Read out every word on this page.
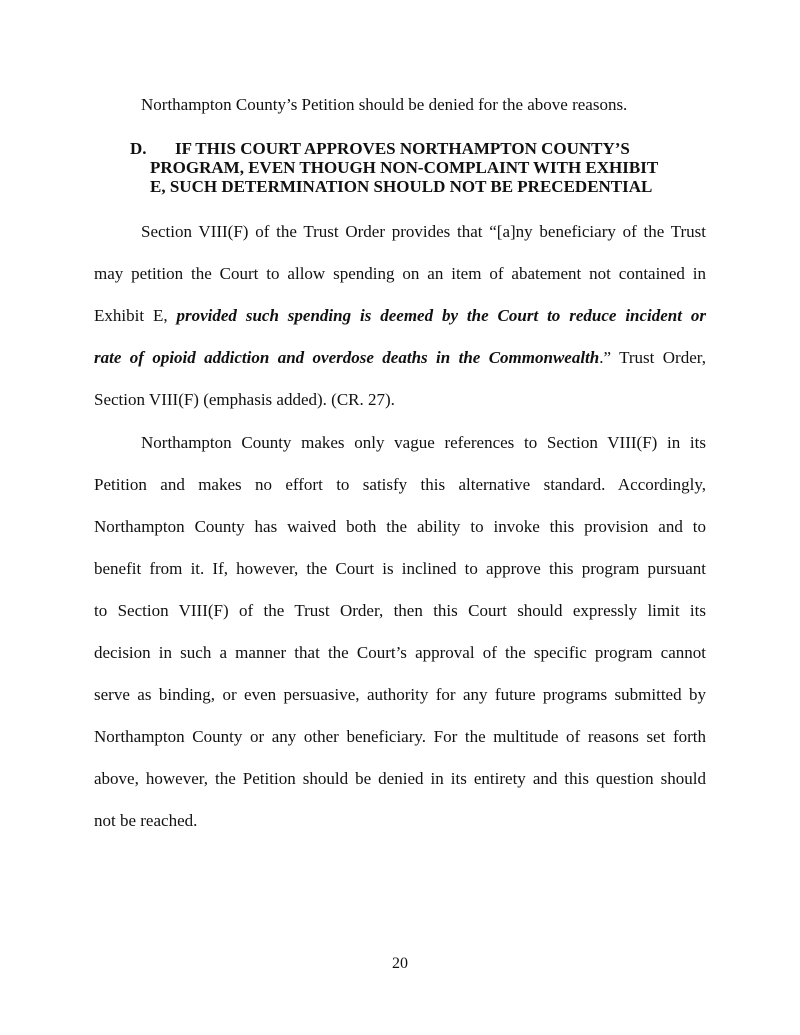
Northampton County’s Petition should be denied for the above reasons.
D. IF THIS COURT APPROVES NORTHAMPTON COUNTY’S
PROGRAM, EVEN THOUGH NON-COMPLAINT WITH EXHIBIT
E, SUCH DETERMINATION SHOULD NOT BE PRECEDENTIAL
Section VIII(F) of the Trust Order provides that “[a]ny beneficiary of the Trust
may petition the Court to allow spending on an item of abatement not contained in
Exhibit E, provided such spending is deemed by the Court to reduce incident or
rate of opioid addiction and overdose deaths in the Commonwealth.” Trust Order,
Section VIII(F) (emphasis added). (CR. 27).
Northampton County makes only vague references to Section VIII(F) in its
Petition and makes no effort to satisfy this alternative standard. Accordingly,
Northampton County has waived both the ability to invoke this provision and to
benefit from it. If, however, the Court is inclined to approve this program pursuant
to Section VIII(F) of the Trust Order, then this Court should expressly limit its
decision in such a manner that the Court’s approval of the specific program cannot
serve as binding, or even persuasive, authority for any future programs submitted by
Northampton County or any other beneficiary. For the multitude of reasons set forth
above, however, the Petition should be denied in its entirety and this question should
not be reached.
20
